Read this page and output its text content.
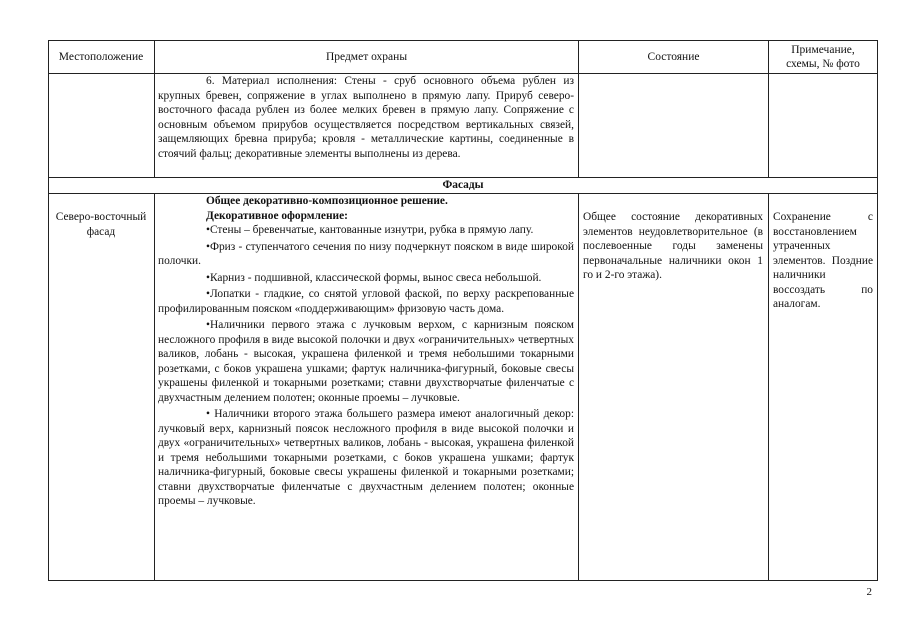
Местоположение	Предмет охраны	Состояние
Примечание,
схемы, № фото
6. Материал исполнения: Стены - сруб основного объема рублен из крупных бревен, сопряжение в углах выполнено в прямую лапу. Прируб северо-восточного фасада рублен из более мелких бревен в прямую лапу. Сопряжение с основным объемом прирубов осуществляется посредством вертикальных связей, защемляющих бревна прируба; кровля - металлические картины, соединенные в стоячий фальц; декоративные элементы выполнены из дерева.
Фасады
Северо-восточный фасад
Общее декоративно-композиционное решение.
Декоративное оформление:
•Стены – бревенчатые, кантованные изнутри, рубка в прямую лапу.
•Фриз - ступенчатого сечения по низу подчеркнут пояском в виде широкой полочки.
•Карниз - подшивной, классической формы, вынос свеса небольшой.
•Лопатки - гладкие, со снятой угловой фаской, по верху раскрепованные профилированным пояском «поддерживающим» фризовую часть дома.
•Наличники первого этажа с лучковым верхом, с карнизным пояском несложного профиля в виде высокой полочки и двух «ограничительных» четвертных валиков, лобань - высокая, украшена филенкой и тремя небольшими токарными розетками, с боков украшена ушками; фартук наличника-фигурный, боковые свесы украшены филенкой и токарными розетками; ставни двухстворчатые филенчатые с двухчастным делением полотен; оконные проемы – лучковые.
• Наличники второго этажа большего размера имеют аналогичный декор: лучковый верх, карнизный поясок несложного профиля в виде высокой полочки и двух «ограничительных» четвертных валиков, лобань - высокая, украшена филенкой и тремя небольшими токарными розетками, с боков украшена ушками; фартук наличника-фигурный, боковые свесы украшены филенкой и токарными розетками; ставни двухстворчатые филенчатые с двухчастным делением полотен; оконные проемы – лучковые.
Общее состояние декоративных элементов неудовлетворительное (в послевоенные годы заменены первоначальные наличники окон 1 го и 2-го этажа).
Сохранение с восстановлением утраченных элементов. Поздние наличники воссоздать по аналогам.
2
